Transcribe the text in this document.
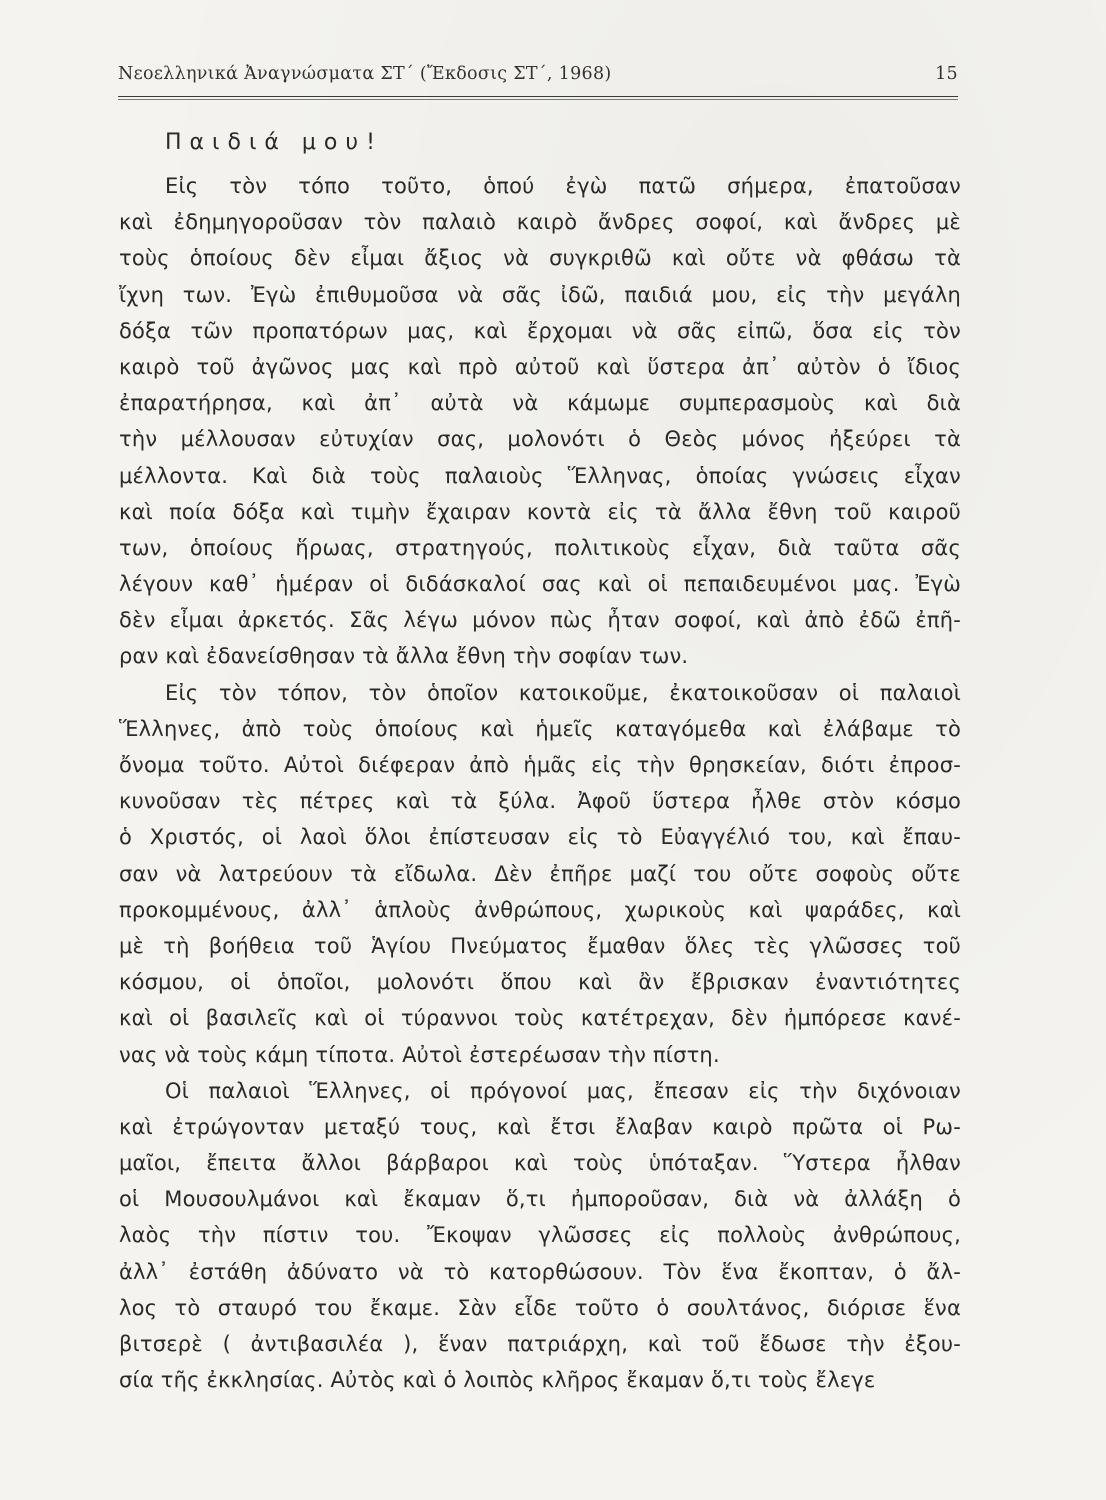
Νεοελληνικά Ἀναγνώσματα ΣΤ΄ (Ἔκδοσις ΣΤ΄, 1968)	15
Παιδιά μου!
Εἰς τὸν τόπο τοῦτο, ὁπού ἐγὼ πατῶ σήμερα, ἐπατοῦσαν
καὶ ἐδημηγοροῦσαν τὸν παλαιὸ καιρὸ ἄνδρες σοφοί, καὶ ἄνδρες μὲ
τοὺς ὁποίους δὲν εἶμαι ἄξιος νὰ συγκριθῶ καὶ οὔτε νὰ φθάσω τὰ
ἴχνη των. Ἐγὼ ἐπιθυμοῦσα νὰ σᾶς ἰδῶ, παιδιά μου, εἰς τὴν μεγάλη
δόξα τῶν προπατόρων μας, καὶ ἔρχομαι νὰ σᾶς εἰπῶ, ὅσα εἰς τὸν
καιρὸ τοῦ ἀγῶνος μας καὶ πρὸ αὐτοῦ καὶ ὕστερα ἀπ᾽ αὐτὸν ὁ ἴδιος
ἐπαρατήρησα, καὶ ἀπ᾽ αὐτὰ νὰ κάμωμε συμπερασμοὺς καὶ διὰ
τὴν μέλλουσαν εὐτυχίαν σας, μολονότι ὁ Θεὸς μόνος ἠξεύρει τὰ
μέλλοντα. Καὶ διὰ τοὺς παλαιοὺς Ἕλληνας, ὁποίας γνώσεις εἶχαν
καὶ ποία δόξα καὶ τιμὴν ἔχαιραν κοντὰ εἰς τὰ ἄλλα ἔθνη τοῦ καιροῦ
των, ὁποίους ἥρωας, στρατηγούς, πολιτικοὺς εἶχαν, διὰ ταῦτα σᾶς
λέγουν καθ᾽ ἡμέραν οἱ διδάσκαλοί σας καὶ οἱ πεπαιδευμένοι μας. Ἐγὼ
δὲν εἶμαι ἀρκετός. Σᾶς λέγω μόνον πὼς ἦταν σοφοί, καὶ ἀπὸ ἐδῶ ἐπῆ-
ραν καὶ ἐδανείσθησαν τὰ ἄλλα ἔθνη τὴν σοφίαν των.
Εἰς τὸν τόπον, τὸν ὁποῖον κατοικοῦμε, ἐκατοικοῦσαν οἱ παλαιοὶ
Ἕλληνες, ἀπὸ τοὺς ὁποίους καὶ ἡμεῖς καταγόμεθα καὶ ἐλάβαμε τὸ
ὄνομα τοῦτο. Αὐτοὶ διέφεραν ἀπὸ ἡμᾶς εἰς τὴν θρησκείαν, διότι ἐπροσ-
κυνοῦσαν τὲς πέτρες καὶ τὰ ξύλα. Ἀφοῦ ὕστερα ἦλθε στὸν κόσμο
ὁ Χριστός, οἱ λαοὶ ὅλοι ἐπίστευσαν εἰς τὸ Εὐαγγέλιό του, καὶ ἔπαυ-
σαν νὰ λατρεύουν τὰ εἴδωλα. Δὲν ἐπῆρε μαζί του οὔτε σοφοὺς οὔτε
προκομμένους, ἀλλ᾽ ἁπλοὺς ἀνθρώπους, χωρικοὺς καὶ ψαράδες, καὶ
μὲ τὴ βοήθεια τοῦ Ἁγίου Πνεύματος ἔμαθαν ὅλες τὲς γλῶσσες τοῦ
κόσμου, οἱ ὁποῖοι, μολονότι ὅπου καὶ ἂν ἔβρισκαν ἐναντιότητες
καὶ οἱ βασιλεῖς καὶ οἱ τύραννοι τοὺς κατέτρεχαν, δὲν ἠμπόρεσε κανέ-
νας νὰ τοὺς κάμη τίποτα. Αὐτοὶ ἐστερέωσαν τὴν πίστη.
Οἱ παλαιοὶ Ἕλληνες, οἱ πρόγονοί μας, ἔπεσαν εἰς τὴν διχόνοιαν
καὶ ἐτρώγονταν μεταξύ τους, καὶ ἔτσι ἔλαβαν καιρὸ πρῶτα οἱ Ρω-
μαῖοι, ἔπειτα ἄλλοι βάρβαροι καὶ τοὺς ὑπόταξαν. Ὕστερα ἦλθαν
οἱ Μουσουλμάνοι καὶ ἔκαμαν ὅ,τι ἠμποροῦσαν, διὰ νὰ ἀλλάξη ὁ
λαὸς τὴν πίστιν του. Ἔκοψαν γλῶσσες εἰς πολλοὺς ἀνθρώπους,
ἀλλ᾽ ἐστάθη ἀδύνατο νὰ τὸ κατορθώσουν. Τὸν ἕνα ἔκοπταν, ὁ ἄλ-
λος τὸ σταυρό του ἔκαμε. Σὰν εἶδε τοῦτο ὁ σουλτάνος, διόρισε ἕνα
βιτσερὲ ( ἀντιβασιλέα ), ἕναν πατριάρχη, καὶ τοῦ ἔδωσε τὴν ἐξου-
σία τῆς ἐκκλησίας. Αὐτὸς καὶ ὁ λοιπὸς κλῆρος ἔκαμαν ὅ,τι τοὺς ἔλεγε
